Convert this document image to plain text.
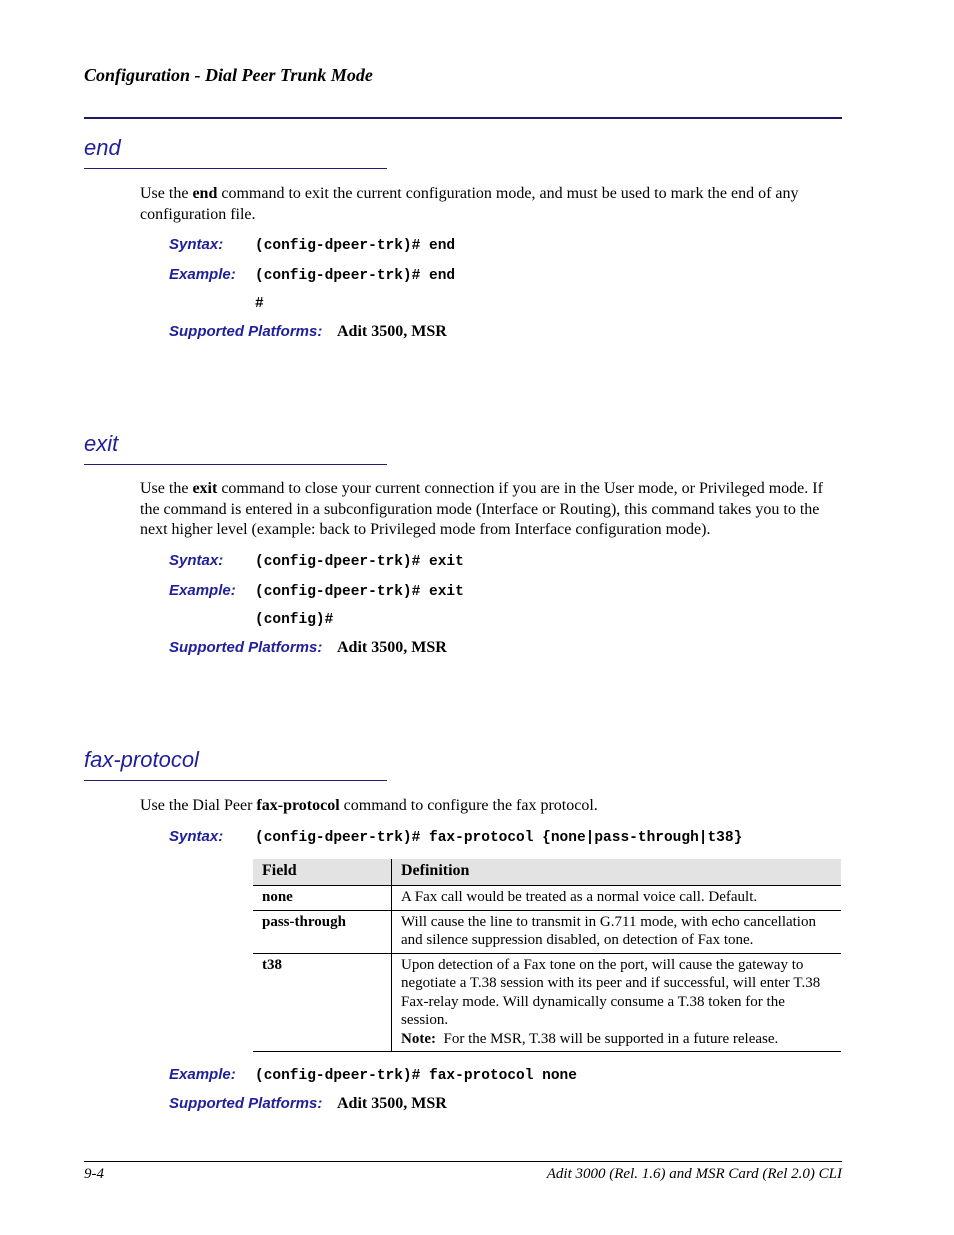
Configuration - Dial Peer Trunk Mode
end
Use the end command to exit the current configuration mode, and must be used to mark the end of any configuration file.
Syntax: (config-dpeer-trk)# end
Example: (config-dpeer-trk)# end
#
Supported Platforms: Adit 3500, MSR
exit
Use the exit command to close your current connection if you are in the User mode, or Privileged mode. If the command is entered in a subconfiguration mode (Interface or Routing), this command takes you to the next higher level (example: back to Privileged mode from Interface configuration mode).
Syntax: (config-dpeer-trk)# exit
Example: (config-dpeer-trk)# exit
(config)#
Supported Platforms: Adit 3500, MSR
fax-protocol
Use the Dial Peer fax-protocol command to configure the fax protocol.
Syntax: (config-dpeer-trk)# fax-protocol {none|pass-through|t38}
Field	Definition
none	A Fax call would be treated as a normal voice call. Default.
pass-through	Will cause the line to transmit in G.711 mode, with echo cancellation and silence suppression disabled, on detection of Fax tone.
t38	Upon detection of a Fax tone on the port, will cause the gateway to negotiate a T.38 session with its peer and if successful, will enter T.38 Fax-relay mode. Will dynamically consume a T.38 token for the session.
Note:  For the MSR, T.38 will be supported in a future release.
Example: (config-dpeer-trk)# fax-protocol none
Supported Platforms: Adit 3500, MSR
9-4	Adit 3000 (Rel. 1.6) and MSR Card (Rel 2.0) CLI
